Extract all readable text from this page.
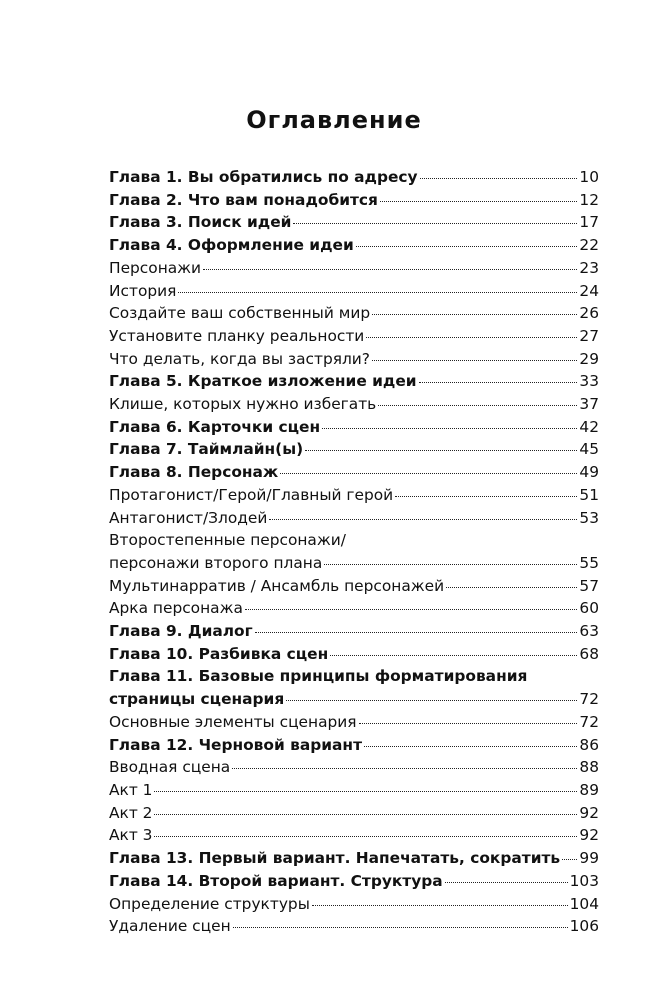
Оглавление
Глава 1. Вы обратились по адресу	10
Глава 2. Что вам понадобится	12
Глава 3. Поиск идей	17
Глава 4. Оформление идеи	22
Персонажи	23
История	24
Создайте ваш собственный мир	26
Установите планку реальности	27
Что делать, когда вы застряли?	29
Глава 5. Краткое изложение идеи	33
Клише, которых нужно избегать	37
Глава 6. Карточки сцен	42
Глава 7. Таймлайн(ы)	45
Глава 8. Персонаж	49
Протагонист/Герой/Главный герой	51
Антагонист/Злодей	53
Второстепенные персонажи/
персонажи второго плана	55
Мультинарратив / Ансамбль персонажей	57
Арка персонажа	60
Глава 9. Диалог	63
Глава 10. Разбивка сцен	68
Глава 11. Базовые принципы форматирования
страницы сценария	72
Основные элементы сценария	72
Глава 12. Черновой вариант	86
Вводная сцена	88
Акт 1	89
Акт 2	92
Акт 3	92
Глава 13. Первый вариант. Напечатать, сократить 99
Глава 14. Второй вариант. Структура	103
Определение структуры	104
Удаление сцен	106
